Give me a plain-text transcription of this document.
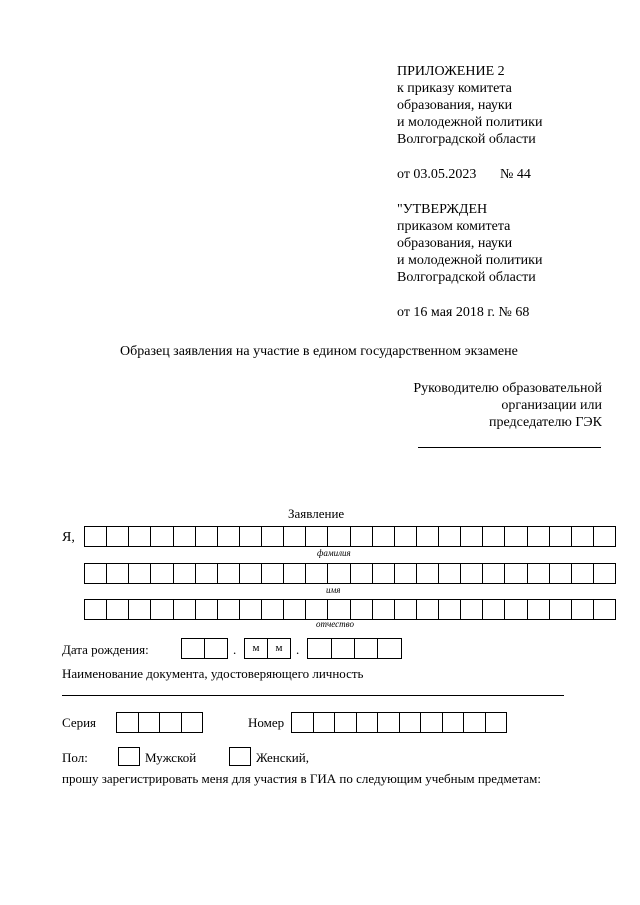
ПРИЛОЖЕНИЕ 2
к приказу комитета
образования, науки
и молодежной политики
Волгоградской области
от 03.05.2023 № 44
"УТВЕРЖДЕН
приказом комитета
образования, науки
и молодежной политики
Волгоградской области
от 16 мая 2018 г. № 68
Образец заявления на участие в едином государственном экзамене
Руководителю образовательной
организации или
председателю ГЭК
Заявление
Я,
фамилия
имя
отчество
Дата рождения:	.	м	м	.
Наименование документа, удостоверяющего личность
Серия	Номер
Пол:	Мужской	Женский,
прошу зарегистрировать меня для участия в ГИА по следующим учебным предметам:
